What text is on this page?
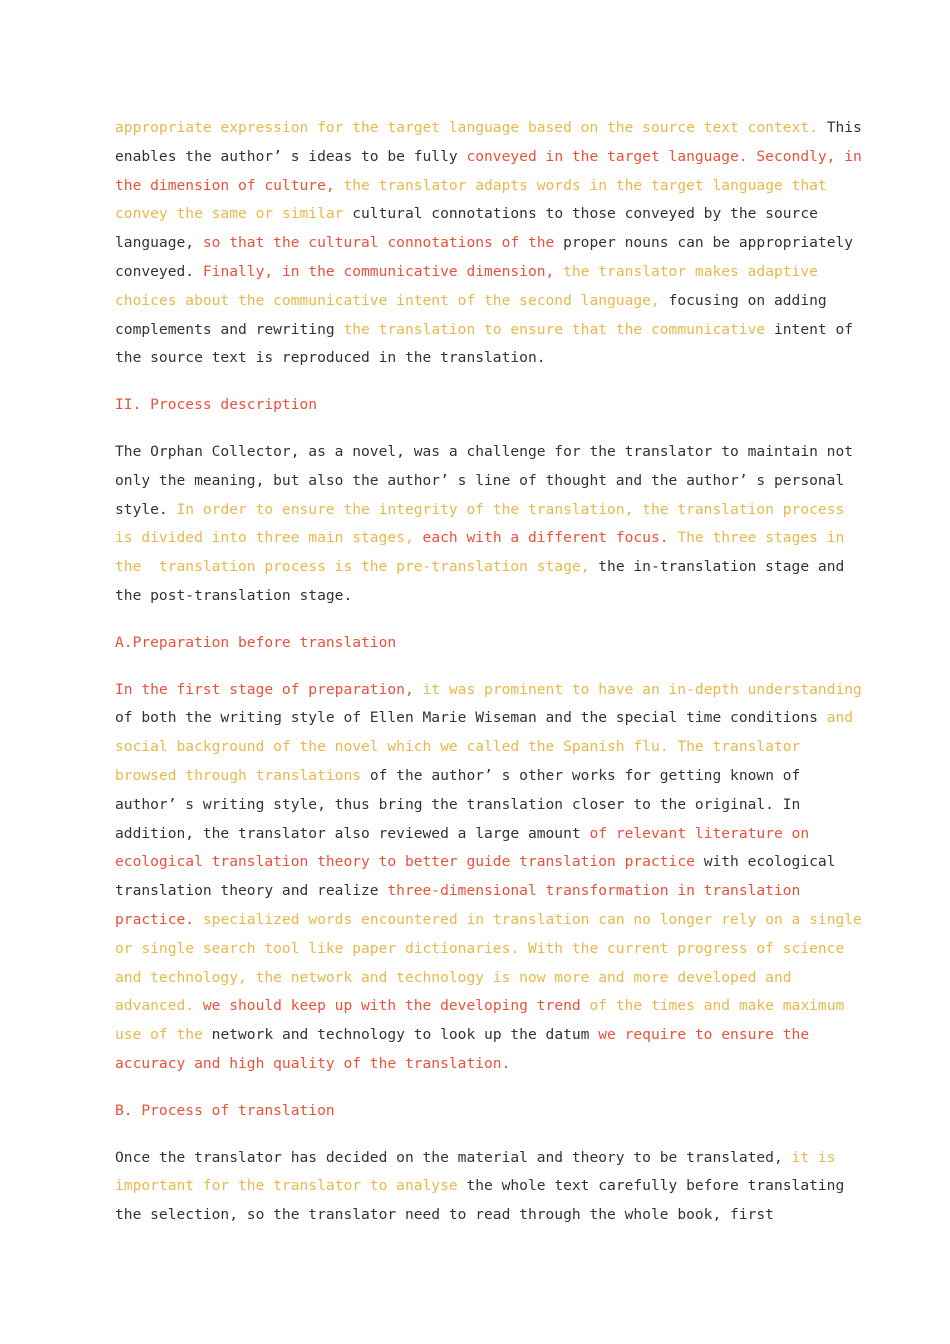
appropriate expression for the target language based on the source text context. This
enables the author’ s ideas to be fully conveyed in the target language. Secondly, in
the dimension of culture, the translator adapts words in the target language that
convey the same or similar cultural connotations to those conveyed by the source
language, so that the cultural connotations of the proper nouns can be appropriately
conveyed. Finally, in the communicative dimension, the translator makes adaptive
choices about the communicative intent of the second language, focusing on adding
complements and rewriting the translation to ensure that the communicative intent of
the source text is reproduced in the translation.
II. Process description
The Orphan Collector, as a novel, was a challenge for the translator to maintain not
only the meaning, but also the author’ s line of thought and the author’ s personal
style. In order to ensure the integrity of the translation, the translation process
is divided into three main stages, each with a different focus. The three stages in
the  translation process is the pre-translation stage, the in-translation stage and
the post-translation stage.
A.Preparation before translation
In the first stage of preparation, it was prominent to have an in-depth understanding
of both the writing style of Ellen Marie Wiseman and the special time conditions and
social background of the novel which we called the Spanish flu. The translator
browsed through translations of the author’ s other works for getting known of
author’ s writing style, thus bring the translation closer to the original. In
addition, the translator also reviewed a large amount of relevant literature on
ecological translation theory to better guide translation practice with ecological
translation theory and realize three-dimensional transformation in translation
practice. specialized words encountered in translation can no longer rely on a single
or single search tool like paper dictionaries. With the current progress of science
and technology, the network and technology is now more and more developed and
advanced. we should keep up with the developing trend of the times and make maximum
use of the network and technology to look up the datum we require to ensure the
accuracy and high quality of the translation.
B. Process of translation
Once the translator has decided on the material and theory to be translated, it is
important for the translator to analyse the whole text carefully before translating
the selection, so the translator need to read through the whole book, first
